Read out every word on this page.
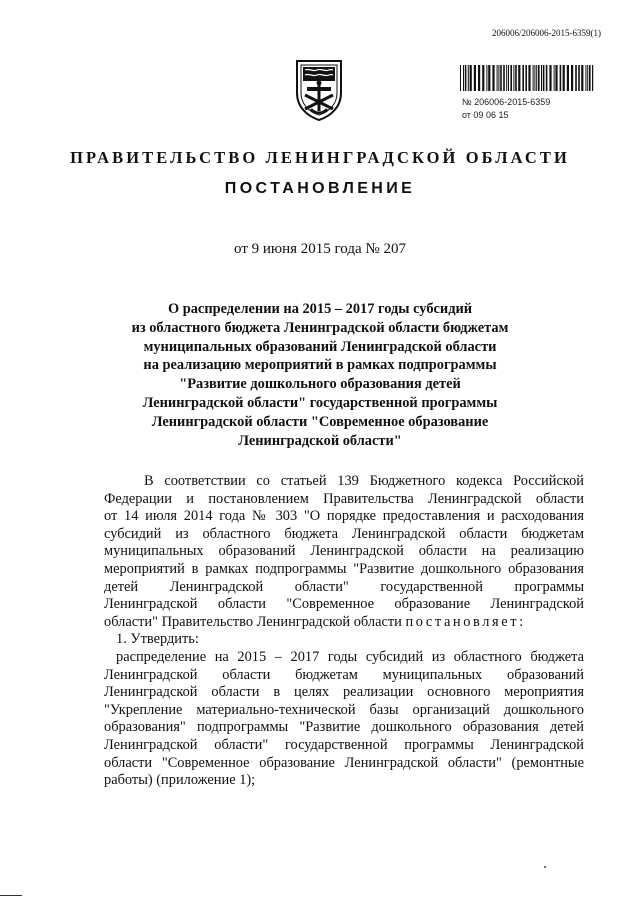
206006/206006-2015-6359(1)
№ 206006-2015-6359
от 09 06 15
ПРАВИТЕЛЬСТВО ЛЕНИНГРАДСКОЙ ОБЛАСТИ
ПОСТАНОВЛЕНИЕ
от 9 июня 2015 года № 207
О распределении на 2015 – 2017 годы субсидий
из областного бюджета Ленинградской области бюджетам
муниципальных образований Ленинградской области
на реализацию мероприятий в рамках подпрограммы
"Развитие дошкольного образования детей
Ленинградской области" государственной программы
Ленинградской области "Современное образование
Ленинградской области"
В соответствии со статьей 139 Бюджетного кодекса Российской
Федерации и постановлением Правительства Ленинградской области
от 14 июля 2014 года № 303 "О порядке предоставления и расходования
субсидий из областного бюджета Ленинградской области бюджетам
муниципальных образований Ленинградской области на реализацию
мероприятий в рамках подпрограммы "Развитие дошкольного образования
детей Ленинградской области" государственной программы
Ленинградской области "Современное образование Ленинградской
области" Правительство Ленинградской области постановляет:
1. Утвердить:
распределение на 2015 – 2017 годы субсидий из областного бюджета
Ленинградской области бюджетам муниципальных образований
Ленинградской области в целях реализации основного мероприятия
"Укрепление материально-технической базы организаций дошкольного
образования" подпрограммы "Развитие дошкольного образования детей
Ленинградской области" государственной программы Ленинградской
области "Современное образование Ленинградской области" (ремонтные
работы) (приложение 1);
